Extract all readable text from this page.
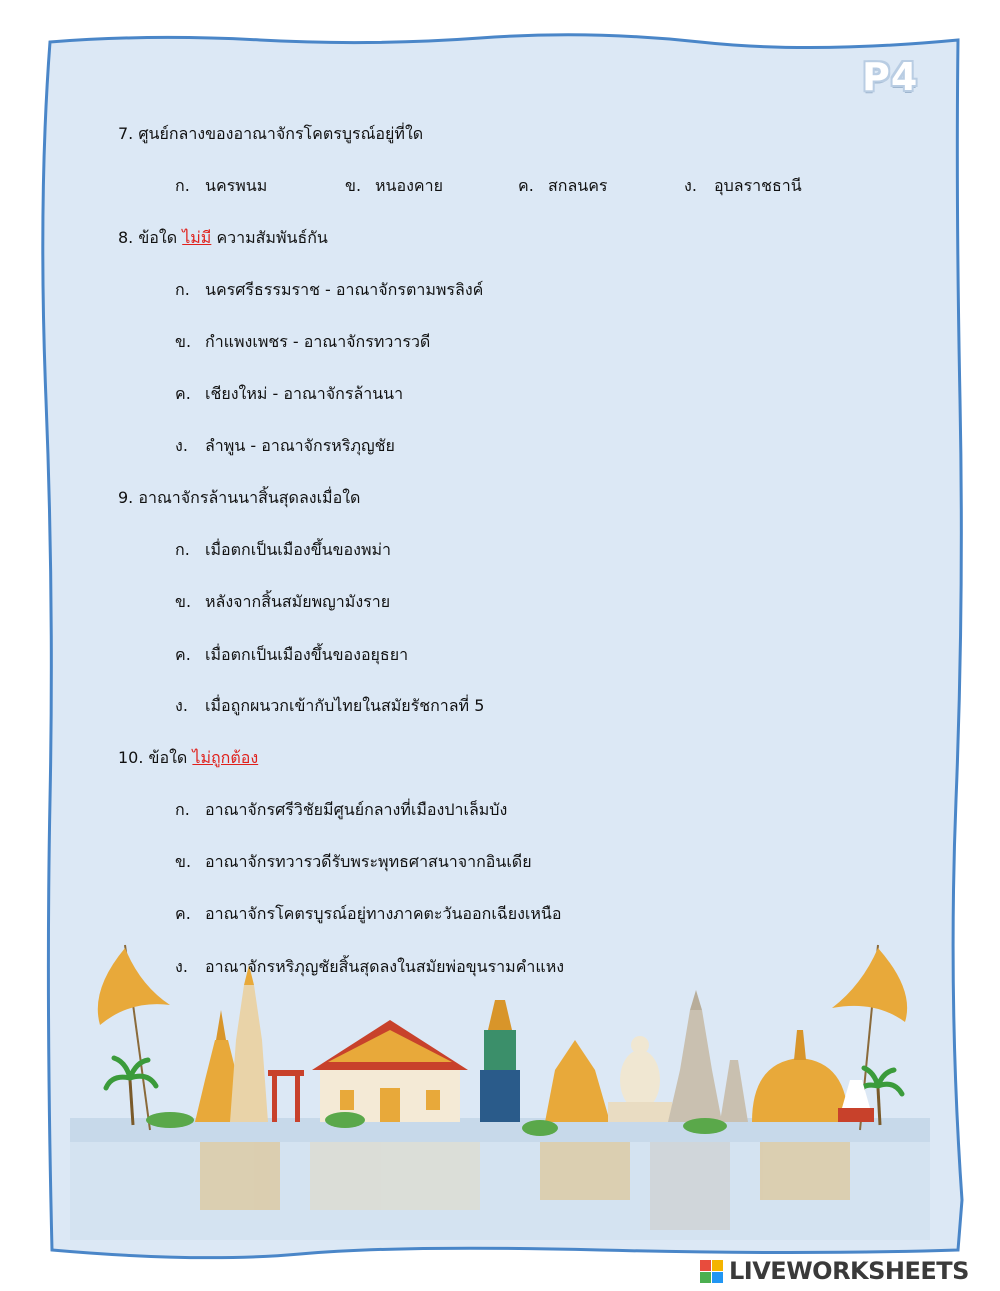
P4
7. ศูนย์กลางของอาณาจักรโคตรบูรณ์อยู่ที่ใด
ก. นครพนม	ข. หนองคาย	ค. สกลนคร	ง. อุบลราชธานี
8. ข้อใด ไม่มี ความสัมพันธ์กัน
ก. นครศรีธรรมราช - อาณาจักรตามพรลิงค์
ข. กำแพงเพชร - อาณาจักรทวารวดี
ค. เชียงใหม่ - อาณาจักรล้านนา
ง. ลำพูน - อาณาจักรหริภุญชัย
9. อาณาจักรล้านนาสิ้นสุดลงเมื่อใด
ก. เมื่อตกเป็นเมืองขึ้นของพม่า
ข. หลังจากสิ้นสมัยพญามังราย
ค. เมื่อตกเป็นเมืองขึ้นของอยุธยา
ง. เมื่อถูกผนวกเข้ากับไทยในสมัยรัชกาลที่ 5
10. ข้อใด ไม่ถูกต้อง
ก. อาณาจักรศรีวิชัยมีศูนย์กลางที่เมืองปาเล็มบัง
ข. อาณาจักรทวารวดีรับพระพุทธศาสนาจากอินเดีย
ค. อาณาจักรโคตรบูรณ์อยู่ทางภาคตะวันออกเฉียงเหนือ
ง. อาณาจักรหริภุญชัยสิ้นสุดลงในสมัยพ่อขุนรามคำแหง
LIVEWORKSHEETS
